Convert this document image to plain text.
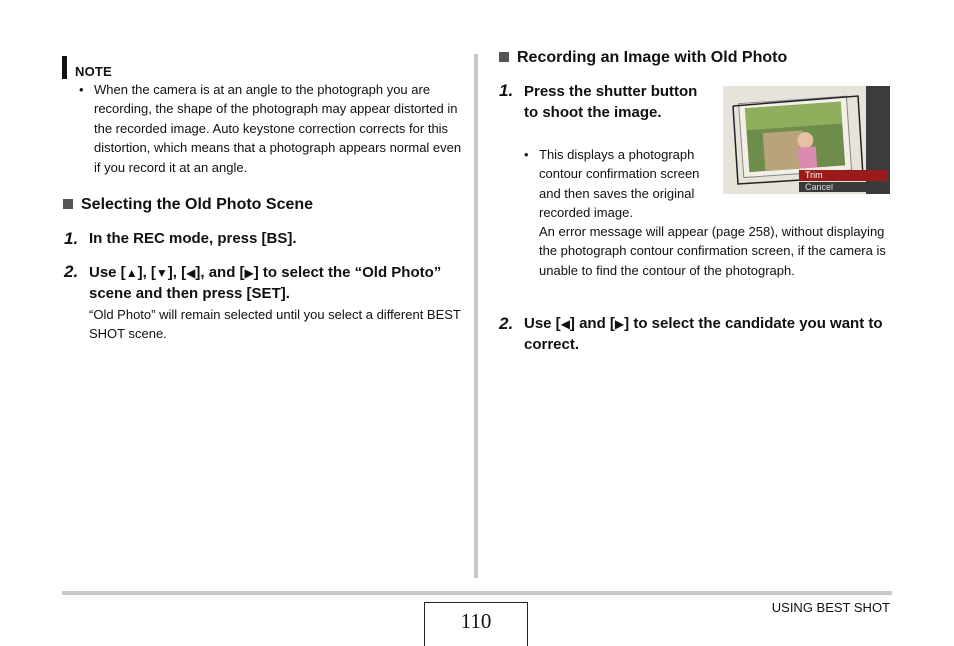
NOTE
• When the camera is at an angle to the photograph you are recording, the shape of the photograph may appear distorted in the recorded image. Auto keystone correction corrects for this distortion, which means that a photograph appears normal even if you record it at an angle.
Selecting the Old Photo Scene
1. In the REC mode, press [BS].
2. Use [▲], [▼], [◀], and [▶] to select the “Old Photo” scene and then press [SET].
“Old Photo” will remain selected until you select a different BEST SHOT scene.
Recording an Image with Old Photo
1. Press the shutter button to shoot the image.
• This displays a photograph contour confirmation screen and then saves the original recorded image.
An error message will appear (page 258), without displaying the photograph contour confirmation screen, if the camera is unable to find the contour of the photograph.
Trim
Cancel
2. Use [◀] and [▶] to select the candidate you want to correct.
110
USING BEST SHOT
